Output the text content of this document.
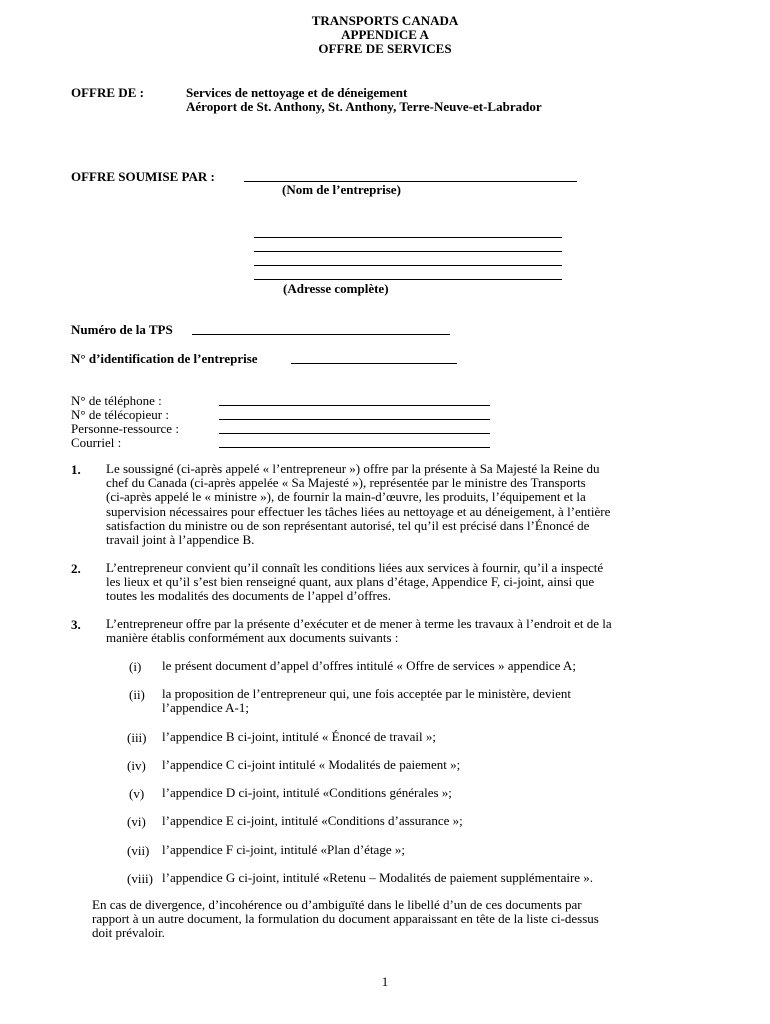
TRANSPORTS CANADA
APPENDICE A
OFFRE DE SERVICES
OFFRE DE :	Services de nettoyage et de déneigement
Aéroport de St. Anthony, St. Anthony, Terre-Neuve-et-Labrador
OFFRE SOUMISE PAR :
(Nom de l’entreprise)
(Adresse complète)
Numéro de la TPS
N° d’identification de l’entreprise
N° de téléphone :
N° de télécopieur :
Personne-ressource :
Courriel :
1. Le soussigné (ci-après appelé « l’entrepreneur ») offre par la présente à Sa Majesté la Reine du
chef du Canada (ci-après appelée « Sa Majesté »), représentée par le ministre des Transports
(ci-après appelé le « ministre »), de fournir la main-d’œuvre, les produits, l’équipement et la
supervision nécessaires pour effectuer les tâches liées au nettoyage et au déneigement, à l’entière
satisfaction du ministre ou de son représentant autorisé, tel qu’il est précisé dans l’Énoncé de
travail joint à l’appendice B.
2. L’entrepreneur convient qu’il connaît les conditions liées aux services à fournir, qu’il a inspecté
les lieux et qu’il s’est bien renseigné quant, aux plans d’étage, Appendice F, ci-joint, ainsi que
toutes les modalités des documents de l’appel d’offres.
3. L’entrepreneur offre par la présente d’exécuter et de mener à terme les travaux à l’endroit et de la
manière établis conformément aux documents suivants :
(i) le présent document d’appel d’offres intitulé « Offre de services » appendice A;
(ii) la proposition de l’entrepreneur qui, une fois acceptée par le ministère, devient
l’appendice A-1;
(iii) l’appendice B ci-joint, intitulé « Énoncé de travail »;
(iv) l’appendice C ci-joint intitulé « Modalités de paiement »;
(v) l’appendice D ci-joint, intitulé «Conditions générales »;
(vi) l’appendice E ci-joint, intitulé «Conditions d’assurance »;
(vii) l’appendice F ci-joint, intitulé «Plan d’étage »;
(viii) l’appendice G ci-joint, intitulé «Retenu – Modalités de paiement supplémentaire ».
En cas de divergence, d’incohérence ou d’ambiguïté dans le libellé d’un de ces documents par
rapport à un autre document, la formulation du document apparaissant en tête de la liste ci-dessus
doit prévaloir.
1
